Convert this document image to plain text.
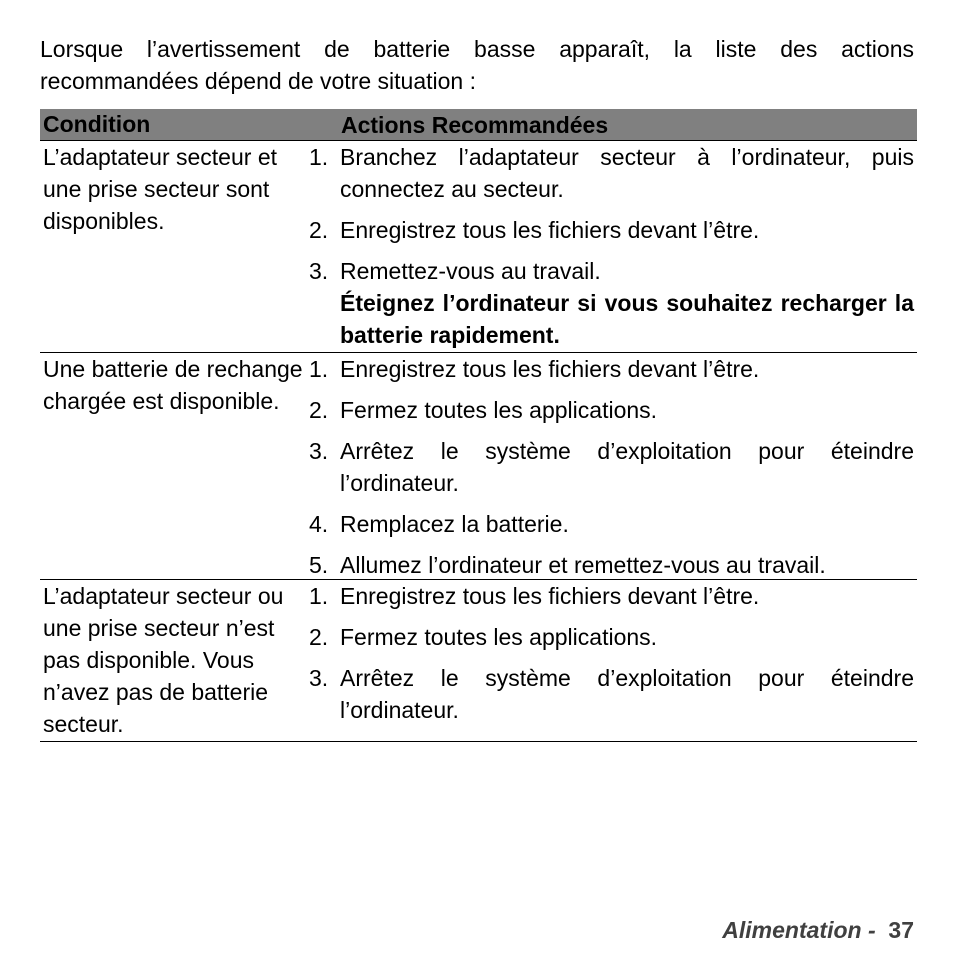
Lorsque l’avertissement de batterie basse apparaît, la liste des actions recommandées dépend de votre situation :

Condition	Actions Recommandées

L’adaptateur secteur et une prise secteur sont disponibles.

1. Branchez l’adaptateur secteur à l’ordinateur, puis connectez au secteur.
2. Enregistrez tous les fichiers devant l’être.
3. Remettez-vous au travail.
Éteignez l’ordinateur si vous souhaitez recharger la batterie rapidement.

Une batterie de rechange chargée est disponible.

1. Enregistrez tous les fichiers devant l’être.
2. Fermez toutes les applications.
3. Arrêtez le système d’exploitation pour éteindre l’ordinateur.
4. Remplacez la batterie.
5. Allumez l’ordinateur et remettez-vous au travail.

L’adaptateur secteur ou une prise secteur n’est pas disponible. Vous n’avez pas de batterie secteur.

1. Enregistrez tous les fichiers devant l’être.
2. Fermez toutes les applications.
3. Arrêtez le système d’exploitation pour éteindre l’ordinateur.
Alimentation - 37
